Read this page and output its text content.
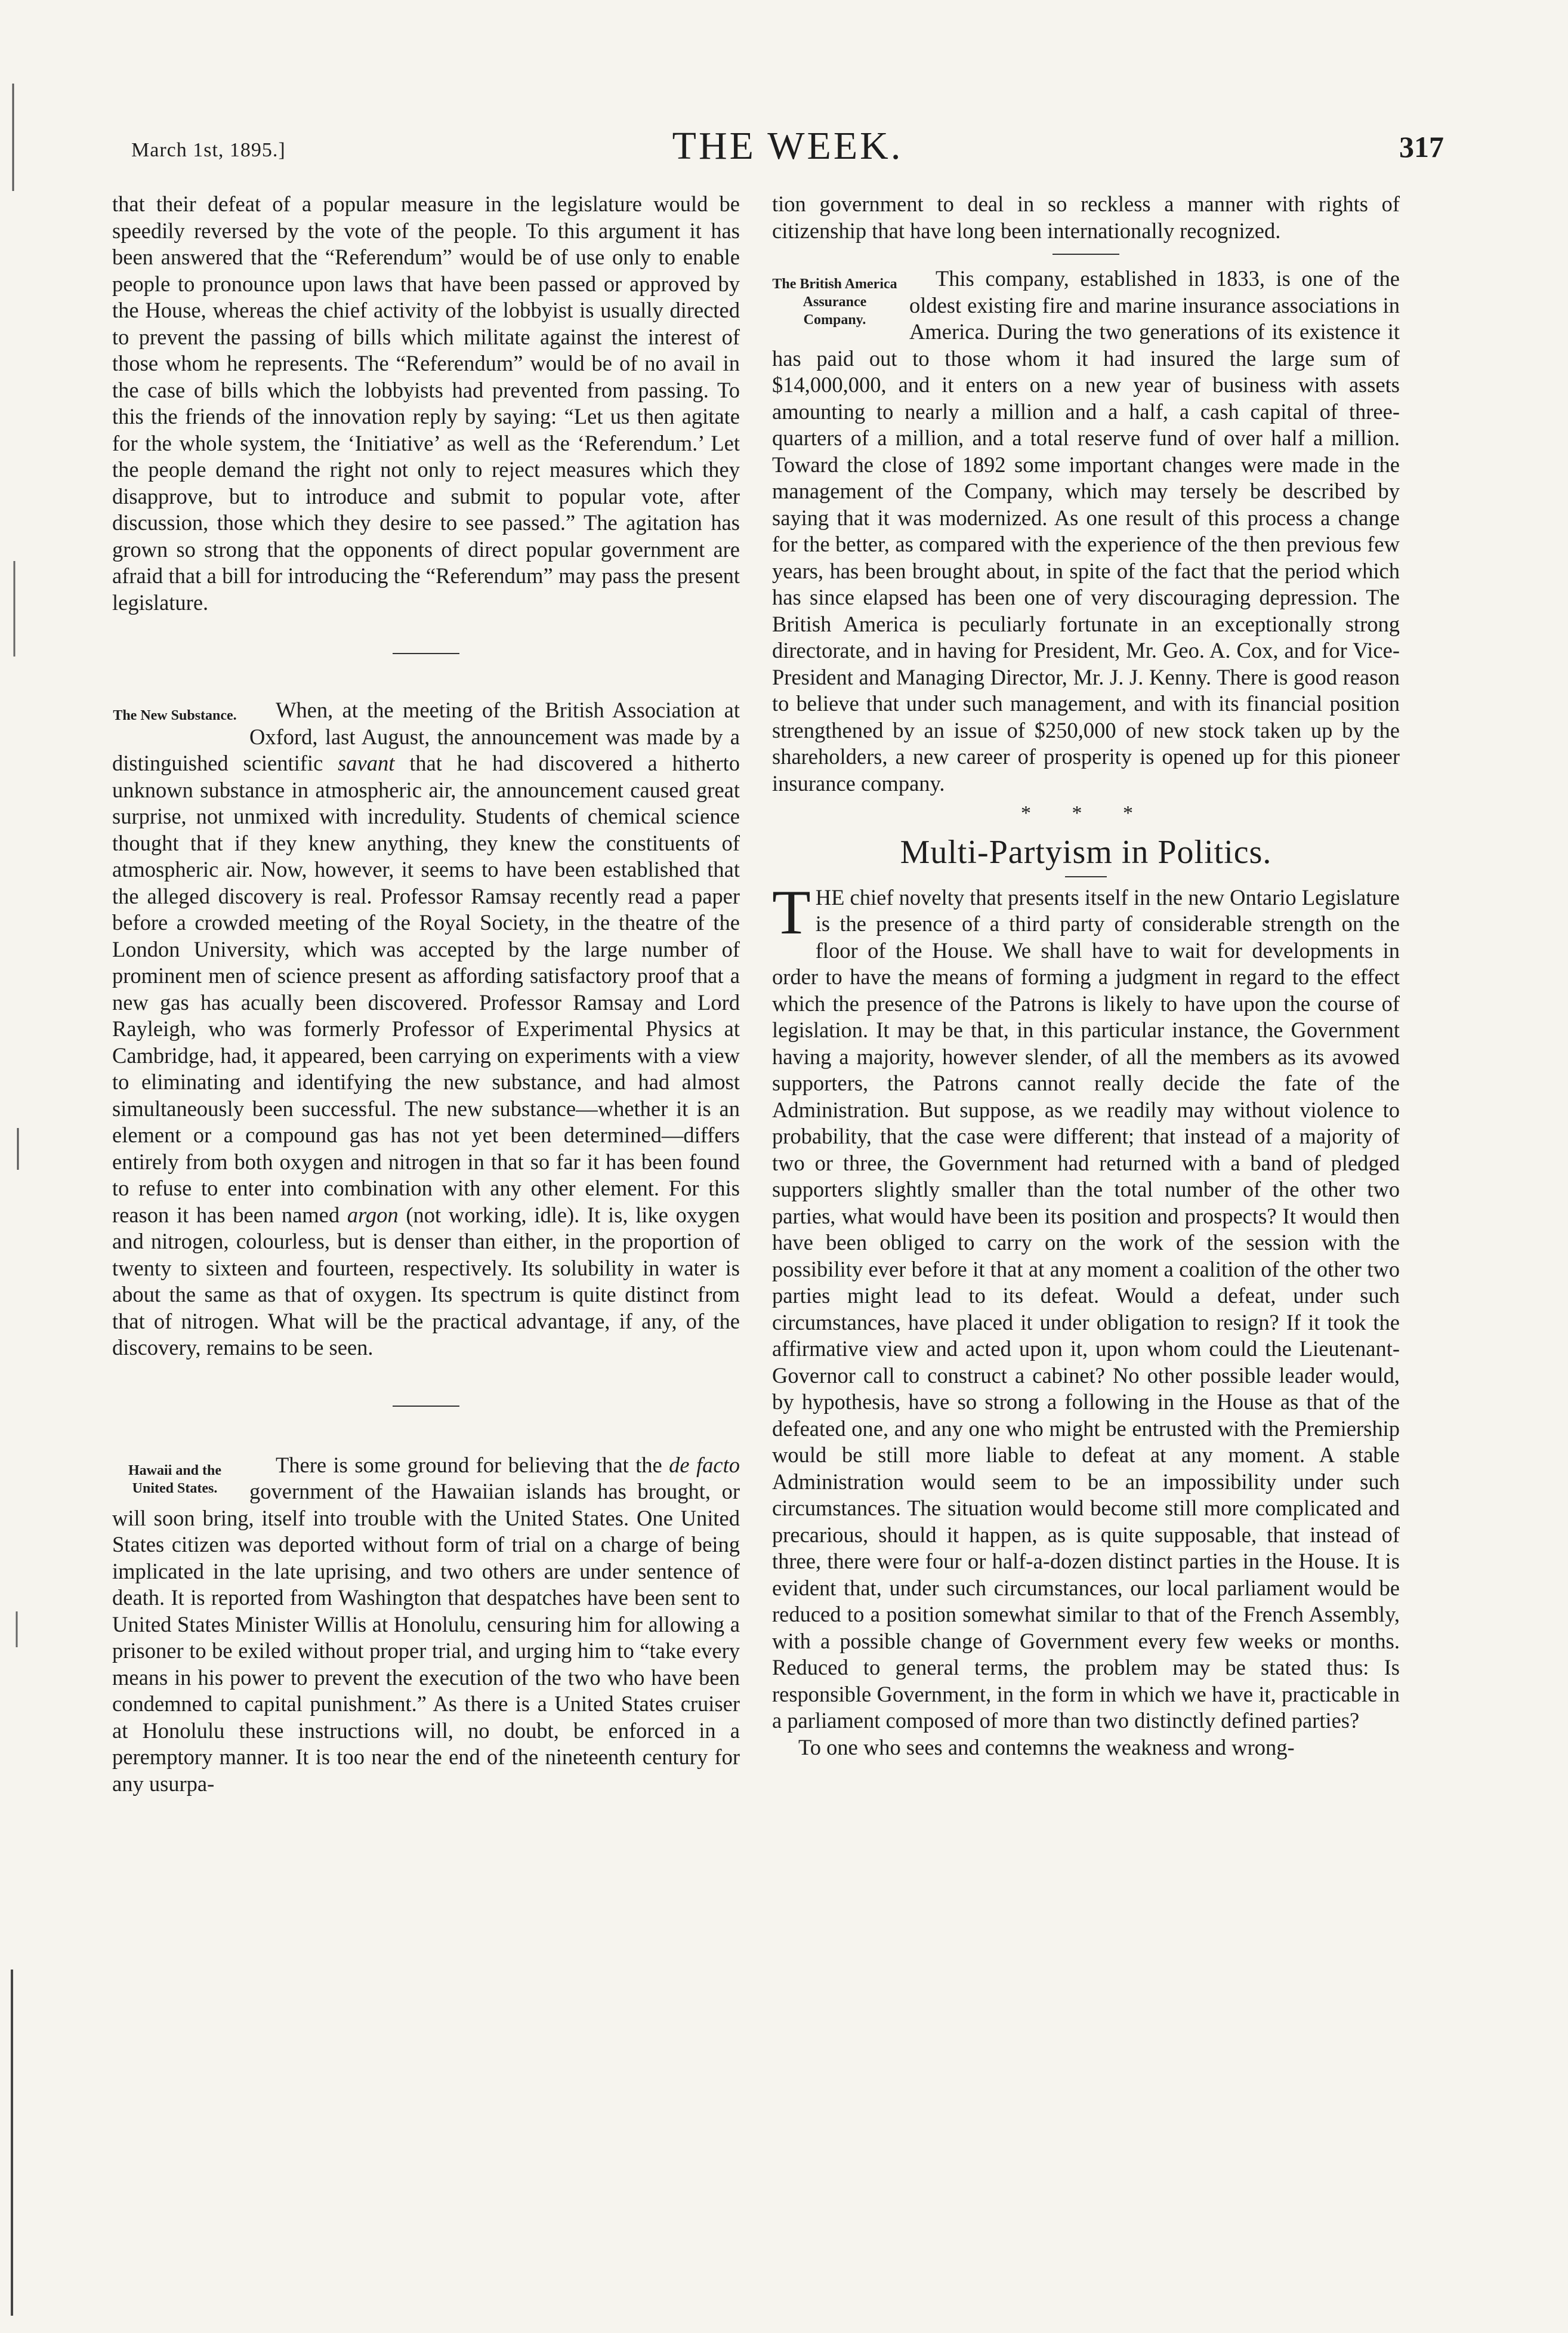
March 1st, 1895.]	THE WEEK.	317

that their defeat of a popular measure in the legislature would be speedily reversed by the vote of the people. To this argument it has been answered that the “Referendum” would be of use only to enable people to pronounce upon laws that have been passed or approved by the House, whereas the chief activity of the lobbyist is usually directed to prevent the passing of bills which militate against the interest of those whom he represents. The “Referendum” would be of no avail in the case of bills which the lobbyists had prevented from passing. To this the friends of the innovation reply by saying: “Let us then agitate for the whole system, the ‘Initiative’ as well as the ‘Referendum.’ Let the people demand the right not only to reject measures which they disapprove, but to introduce and submit to popular vote, after discussion, those which they desire to see passed.” The agitation has grown so strong that the opponents of direct popular government are afraid that a bill for introducing the “Referendum” may pass the present legislature.

The New Substance.	When, at the meeting of the British Association at Oxford, last August, the announcement was made by a distinguished scientific savant that he had discovered a hitherto unknown substance in atmospheric air, the announcement caused great surprise, not unmixed with incredulity. Students of chemical science thought that if they knew anything, they knew the constituents of atmospheric air. Now, however, it seems to have been established that the alleged discovery is real. Professor Ramsay recently read a paper before a crowded meeting of the Royal Society, in the theatre of the London University, which was accepted by the large number of prominent men of science present as affording satisfactory proof that a new gas has acually been discovered. Professor Ramsay and Lord Rayleigh, who was formerly Professor of Experimental Physics at Cambridge, had, it appeared, been carrying on experiments with a view to eliminating and identifying the new substance, and had almost simultaneously been successful. The new substance—whether it is an element or a compound gas has not yet been determined—differs entirely from both oxygen and nitrogen in that so far it has been found to refuse to enter into combination with any other element. For this reason it has been named argon (not working, idle). It is, like oxygen and nitrogen, colourless, but is denser than either, in the proportion of twenty to sixteen and fourteen, respectively. Its solubility in water is about the same as that of oxygen. Its spectrum is quite distinct from that of nitrogen. What will be the practical advantage, if any, of the discovery, remains to be seen.

Hawaii and the United States.

There is some ground for believing that the de facto government of the Hawaiian islands has brought, or will soon bring, itself into trouble with the United States. One United States citizen was deported without form of trial on a charge of being implicated in the late uprising, and two others are under sentence of death. It is reported from Washington that despatches have been sent to United States Minister Willis at Honolulu, censuring him for allowing a prisoner to be exiled without proper trial, and urging him to “take every means in his power to prevent the execution of the two who have been condemned to capital punishment.” As there is a United States cruiser at Honolulu these instructions will, no doubt, be enforced in a peremptory manner. It is too near the end of the nineteenth century for any usurpa-

tion government to deal in so reckless a manner with rights of citizenship that have long been internationally recognized.

The British America Assurance Company.

This company, established in 1833, is one of the oldest existing fire and marine insurance associations in America. During the two generations of its existence it has paid out to those whom it had insured the large sum of $14,000,000, and it enters on a new year of business with assets amounting to nearly a million and a half, a cash capital of three-quarters of a million, and a total reserve fund of over half a million. Toward the close of 1892 some important changes were made in the management of the Company, which may tersely be described by saying that it was modernized. As one result of this process a change for the better, as compared with the experience of the then previous few years, has been brought about, in spite of the fact that the period which has since elapsed has been one of very discouraging depression. The British America is peculiarly fortunate in an exceptionally strong directorate, and in having for President, Mr. Geo. A. Cox, and for Vice-President and Managing Director, Mr. J. J. Kenny. There is good reason to believe that under such management, and with its financial position strengthened by an issue of $250,000 of new stock taken up by the shareholders, a new career of prosperity is opened up for this pioneer insurance company.

* * *
Multi-Partyism in Politics.
T HE chief novelty that presents itself in the new Ontario Legislature is the presence of a third party of considerable strength on the floor of the House. We shall have to wait for developments in order to have the means of forming a judgment in regard to the effect which the presence of the Patrons is likely to have upon the course of legislation. It may be that, in this particular instance, the Government having a majority, however slender, of all the members as its avowed supporters, the Patrons cannot really decide the fate of the Administration. But suppose, as we readily may without violence to probability, that the case were different; that instead of a majority of two or three, the Government had returned with a band of pledged supporters slightly smaller than the total number of the other two parties, what would have been its position and prospects? It would then have been obliged to carry on the work of the session with the possibility ever before it that at any moment a coalition of the other two parties might lead to its defeat. Would a defeat, under such circumstances, have placed it under obligation to resign? If it took the affirmative view and acted upon it, upon whom could the Lieutenant-Governor call to construct a cabinet? No other possible leader would, by hypothesis, have so strong a following in the House as that of the defeated one, and any one who might be entrusted with the Premiership would be still more liable to defeat at any moment. A stable Administration would seem to be an impossibility under such circumstances. The situation would become still more complicated and precarious, should it happen, as is quite supposable, that instead of three, there were four or half-a-dozen distinct parties in the House. It is evident that, under such circumstances, our local parliament would be reduced to a position somewhat similar to that of the French Assembly, with a possible change of Government every few weeks or months. Reduced to general terms, the problem may be stated thus: Is responsible Government, in the form in which we have it, practicable in a parliament composed of more than two distinctly defined parties?

To one who sees and contemns the weakness and wrong-
